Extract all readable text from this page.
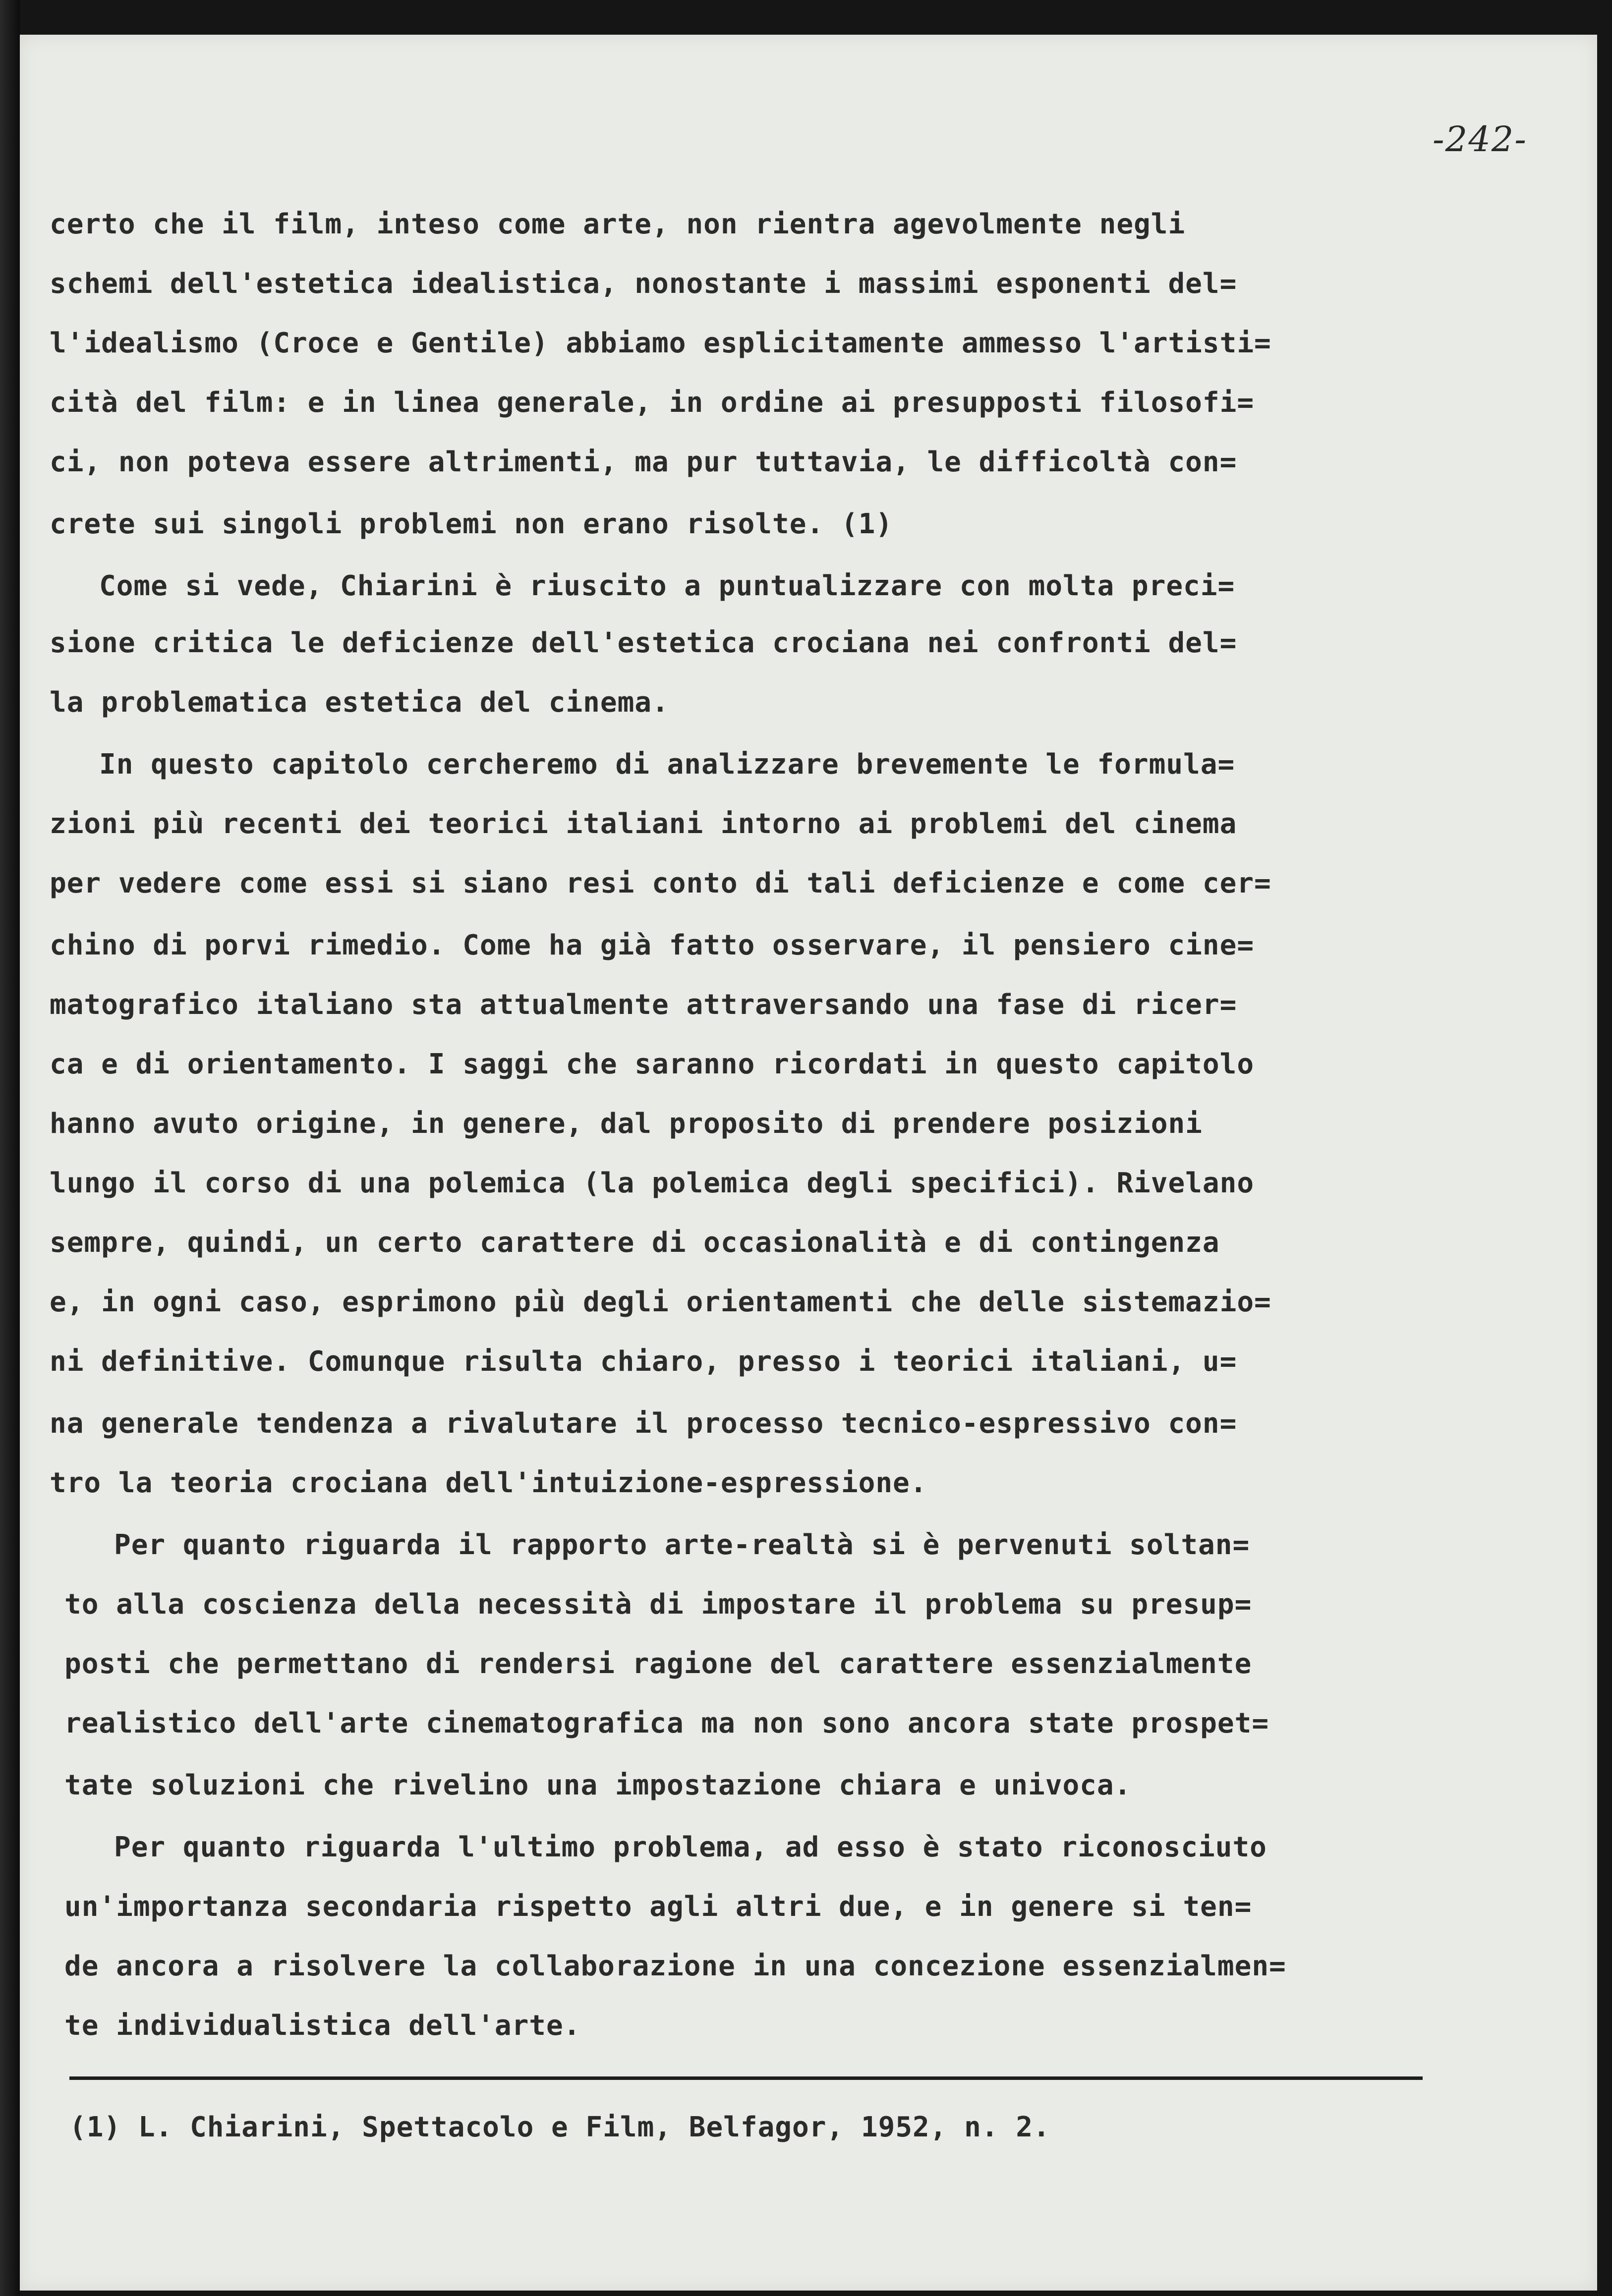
-242-
certo che il film, inteso come arte, non rientra agevolmente negli
schemi dell'estetica idealistica, nonostante i massimi esponenti del=
l'idealismo (Croce e Gentile) abbiamo esplicitamente ammesso l'artisti=
cità del film: e in linea generale, in ordine ai presupposti filosofi=
ci, non poteva essere altrimenti, ma pur tuttavia, le difficoltà con=
crete sui singoli problemi non erano risolte. (1)
Come si vede, Chiarini è riuscito a puntualizzare con molta preci=
sione critica le deficienze dell'estetica crociana nei confronti del=
la problematica estetica del cinema.
In questo capitolo cercheremo di analizzare brevemente le formula=
zioni più recenti dei teorici italiani intorno ai problemi del cinema
per vedere come essi si siano resi conto di tali deficienze e come cer=
chino di porvi rimedio. Come ha già fatto osservare, il pensiero cine=
matografico italiano sta attualmente attraversando una fase di ricer=
ca e di orientamento. I saggi che saranno ricordati in questo capitolo
hanno avuto origine, in genere, dal proposito di prendere posizioni
lungo il corso di una polemica (la polemica degli specifici). Rivelano
sempre, quindi, un certo carattere di occasionalità e di contingenza
e, in ogni caso, esprimono più degli orientamenti che delle sistemazio=
ni definitive. Comunque risulta chiaro, presso i teorici italiani, u=
na generale tendenza a rivalutare il processo tecnico-espressivo con=
tro la teoria crociana dell'intuizione-espressione.
Per quanto riguarda il rapporto arte-realtà si è pervenuti soltan=
to alla coscienza della necessità di impostare il problema su presup=
posti che permettano di rendersi ragione del carattere essenzialmente
realistico dell'arte cinematografica ma non sono ancora state prospet=
tate soluzioni che rivelino una impostazione chiara e univoca.
Per quanto riguarda l'ultimo problema, ad esso è stato riconosciuto
un'importanza secondaria rispetto agli altri due, e in genere si ten=
de ancora a risolvere la collaborazione in una concezione essenzialmen=
te individualistica dell'arte.
(1) L. Chiarini, Spettacolo e Film, Belfagor, 1952, n. 2.
